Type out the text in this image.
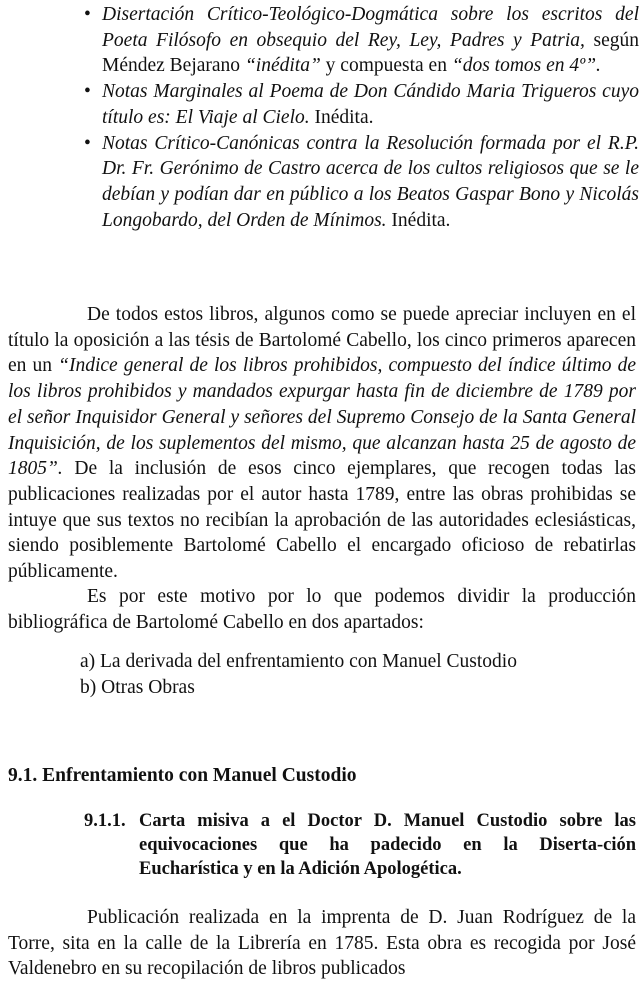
• Disertación Crítico-Teológico-Dogmática sobre los escritos del Poeta Filósofo en obsequio del Rey, Ley, Padres y Patria, según Méndez Bejarano “inédita” y compuesta en “dos tomos en 4º”.

• Notas Marginales al Poema de Don Cándido Maria Trigueros cuyo título es: El Viaje al Cielo. Inédita.

• Notas Crítico-Canónicas contra la Resolución formada por el R.P. Dr. Fr. Gerónimo de Castro acerca de los cultos religiosos que se le debían y podían dar en público a los Beatos Gaspar Bono y Nicolás Longobardo, del Orden de Mínimos. Inédita.

De todos estos libros, algunos como se puede apreciar incluyen en el título la oposición a las tésis de Bartolomé Cabello, los cinco primeros aparecen en un “Indice general de los libros prohibidos, compuesto del índice último de los libros prohibidos y mandados expurgar hasta fin de diciembre de 1789 por el señor Inquisidor General y señores del Supremo Consejo de la Santa General Inquisición, de los suplementos del mismo, que alcanzan hasta 25 de agosto de 1805”. De la inclusión de esos cinco ejemplares, que recogen todas las publicaciones realizadas por el autor hasta 1789, entre las obras prohibidas se intuye que sus textos no recibían la aprobación de las autoridades eclesiásticas, siendo posiblemente Bartolomé Cabello el encargado oficioso de rebatirlas públicamente.

Es por este motivo por lo que podemos dividir la producción bibliográfica de Bartolomé Cabello en dos apartados:

a) La derivada del enfrentamiento con Manuel Custodio
b) Otras Obras
9.1. Enfrentamiento con Manuel Custodio
9.1.1. Carta misiva a el Doctor D. Manuel Custodio sobre las equivocaciones que ha padecido en la Diserta-ción Eucharística y en la Adición Apologética.

Publicación realizada en la imprenta de D. Juan Rodríguez de la Torre, sita en la calle de la Librería en 1785. Esta obra es recogida por José Valdenebro en su recopilación de libros publicados
